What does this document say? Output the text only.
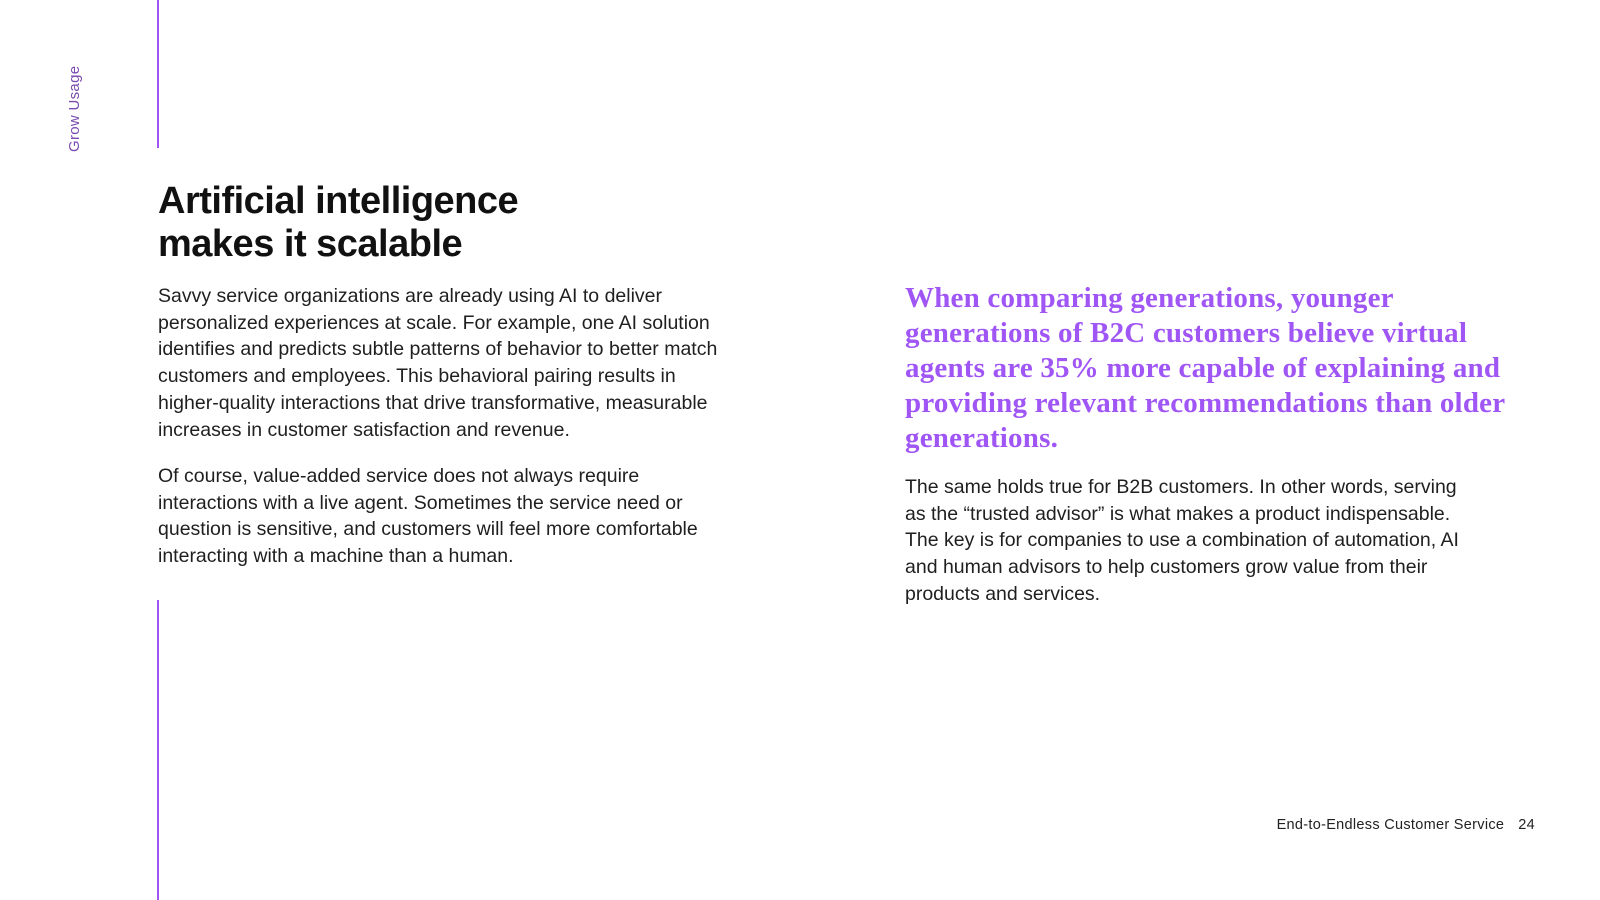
Grow Usage
Artificial intelligence
makes it scalable

Savvy service organizations are already using AI to deliver personalized experiences at scale. For example, one AI solution identifies and predicts subtle patterns of behavior to better match customers and employees. This behavioral pairing results in higher-quality interactions that drive transformative, measurable increases in customer satisfaction and revenue.

Of course, value-added service does not always require interactions with a live agent. Sometimes the service need or question is sensitive, and customers will feel more comfortable interacting with a machine than a human.

When comparing generations, younger generations of B2C customers believe virtual agents are 35% more capable of explaining and providing relevant recommendations than older generations.

The same holds true for B2B customers. In other words, serving as the “trusted advisor” is what makes a product indispensable. The key is for companies to use a combination of automation, AI and human advisors to help customers grow value from their products and services.

End-to-Endless Customer Service 24
